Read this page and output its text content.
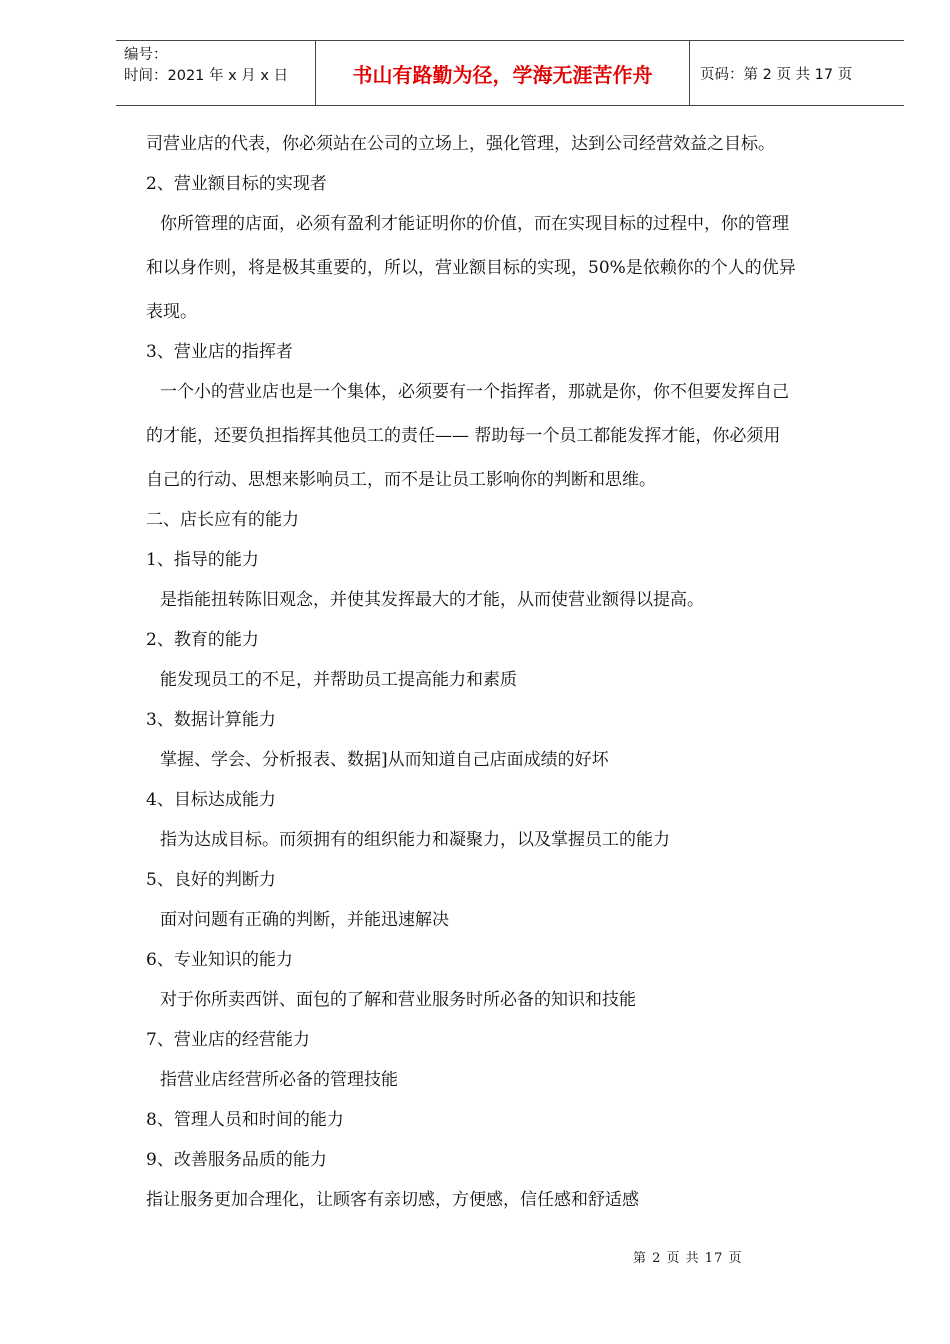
编号：
时间：2021 年 x 月 x 日	书山有路勤为径，学海无涯苦作舟	页码：第 2 页 共 17 页

司营业店的代表，你必须站在公司的立场上，强化管理，达到公司经营效益之目标。

2、营业额目标的实现者

你所管理的店面，必须有盈利才能证明你的价值，而在实现目标的过程中，你的管理

和以身作则，将是极其重要的，所以，营业额目标的实现，50%是依赖你的个人的优异

表现。

3、营业店的指挥者

一个小的营业店也是一个集体，必须要有一个指挥者，那就是你，你不但要发挥自己

的才能，还要负担指挥其他员工的责任—— 帮助每一个员工都能发挥才能，你必须用

自己的行动、思想来影响员工，而不是让员工影响你的判断和思维。

二、店长应有的能力

1、指导的能力

是指能扭转陈旧观念，并使其发挥最大的才能，从而使营业额得以提高。

2、教育的能力

能发现员工的不足，并帮助员工提高能力和素质

3、数据计算能力

掌握、学会、分析报表、数据]从而知道自己店面成绩的好坏

4、目标达成能力

指为达成目标。而须拥有的组织能力和凝聚力，以及掌握员工的能力

5、良好的判断力

面对问题有正确的判断，并能迅速解决

6、专业知识的能力

对于你所卖西饼、面包的了解和营业服务时所必备的知识和技能

7、营业店的经营能力

指营业店经营所必备的管理技能

8、管理人员和时间的能力

9、改善服务品质的能力

指让服务更加合理化，让顾客有亲切感，方便感，信任感和舒适感

第 2 页 共 17 页
